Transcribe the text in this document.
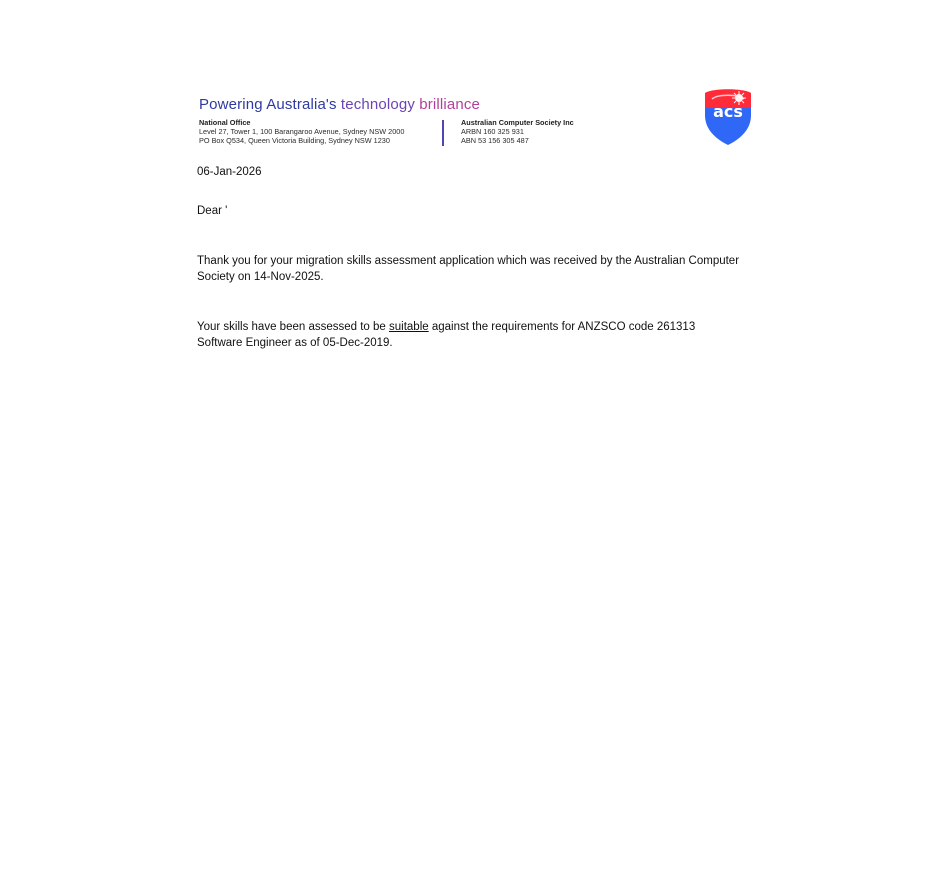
Powering Australia's technology brilliance
National Office
Level 27, Tower 1, 100 Barangaroo Avenue, Sydney NSW 2000
PO Box Q534, Queen Victoria Building, Sydney NSW 1230
Australian Computer Society Inc
ARBN 160 325 931
ABN 53 156 305 487
acs
06-Jan-2026
Dear '
Thank you for your migration skills assessment application which was received by the Australian Computer Society on 14-Nov-2025.
Your skills have been assessed to be suitable against the requirements for ANZSCO code 261313 Software Engineer as of 05-Dec-2019.
